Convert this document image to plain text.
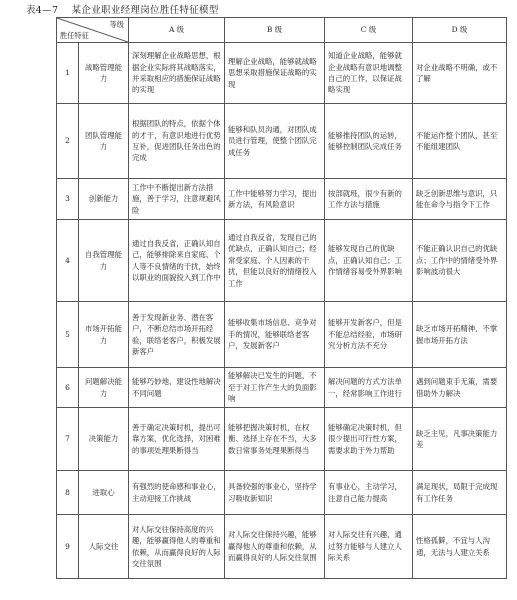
表4—7 某企业职业经理岗位胜任特征模型
等级
胜任特征		A 级	B 级	C 级	D 级
1	战略管理能力	深刻理解企业战略思想，根据企业实际将其战略落实，并采取相应的措施保证战略的实现	理解企业战略，能够就战略思想采取措施保证战略的实现	知道企业战略，能够就企业战略有意识地调整自己的工作，以保证战略实现	对企业战略不明确，或不了解
2	团队管理能力	根据团队的特点，依据个体的才干，有意识地进行优势互补，促进团队任务出色的完成	能够和队员沟通，对团队成员进行管理，使整个团队完成任务	能够推持团队的运转，能够控制团队完成任务	不能运作整个团队，甚至不能组建团队
3	创新能力	工作中不断提出新方法措施，善于学习，注意规避风险	工作中能够努力学习，提出新方法，有风险意识	按部就班，很少有新的工作方法与措施	缺乏创新思维与意识，只能在命令与指令下工作
4	自我管理能力	通过自我反省，正确认知自己，能够排除来自家庭、个人等不良情绪的干扰，始终以职业的面貌投入到工作中	通过自我反省，发现自己的优缺点，正确认知自己；经常受家庭、个人因素的干扰，但能以良好的情绪投入工作	能够发现自己的优缺点，正确认知自己；工作情绪容易受外界影响	不能正确认识自己的优缺点；工作中的情绪受外界影响波动很大
5	市场开拓能力	善于发现新业务、潜在客户，不断总结市场开拓经验，联络老客户，积极发展新客户	能够收集市场信息、竞争对手的情况，能够联络老客户，发展新客户	能够开发新客户，但是不能总结经验，市场研究分析方法不充分	缺乏市场开拓精神，不掌握市场开拓方法
6	问题解决能力	能够巧妙地、建设性地解决不同问题	能够解决已发生的问题，不至于对工作产生大的负面影响	解决问题的方式方法单一，经常影响工作进行	遇到问题束手无策，需要借助外力解决
7	决策能力	善于确定决策时机，提出可靠方案，优化选择，对困难的事项处理果断得当	能够把握决策时机，在权衡、选择上存在不当，大多数日常事务处理果断得当	能够确定决策时机，但很少提出可行性方案，需要求助于外力帮助	缺乏主见，凡事决策能力差
8	进取心	有强烈的使命感和事业心，主动迎接工作挑战	具备较强的事业心，坚持学习吸收新知识	有事业心，主动学习，注意自己能力提高	满足现状，局限于完成现有工作任务
9	人际交往	对人际交往保持高度的兴趣，能够赢得他人的尊重和依赖，从而赢得良好的人际交往氛围	对人际交往保持兴趣，能够赢得他人的尊重和依赖，从而赢得良好的人际交往氛围	对人际交往有兴趣，通过努力能够与人建立人际关系	性格孤僻，不宜与人沟通，无法与人建立关系
